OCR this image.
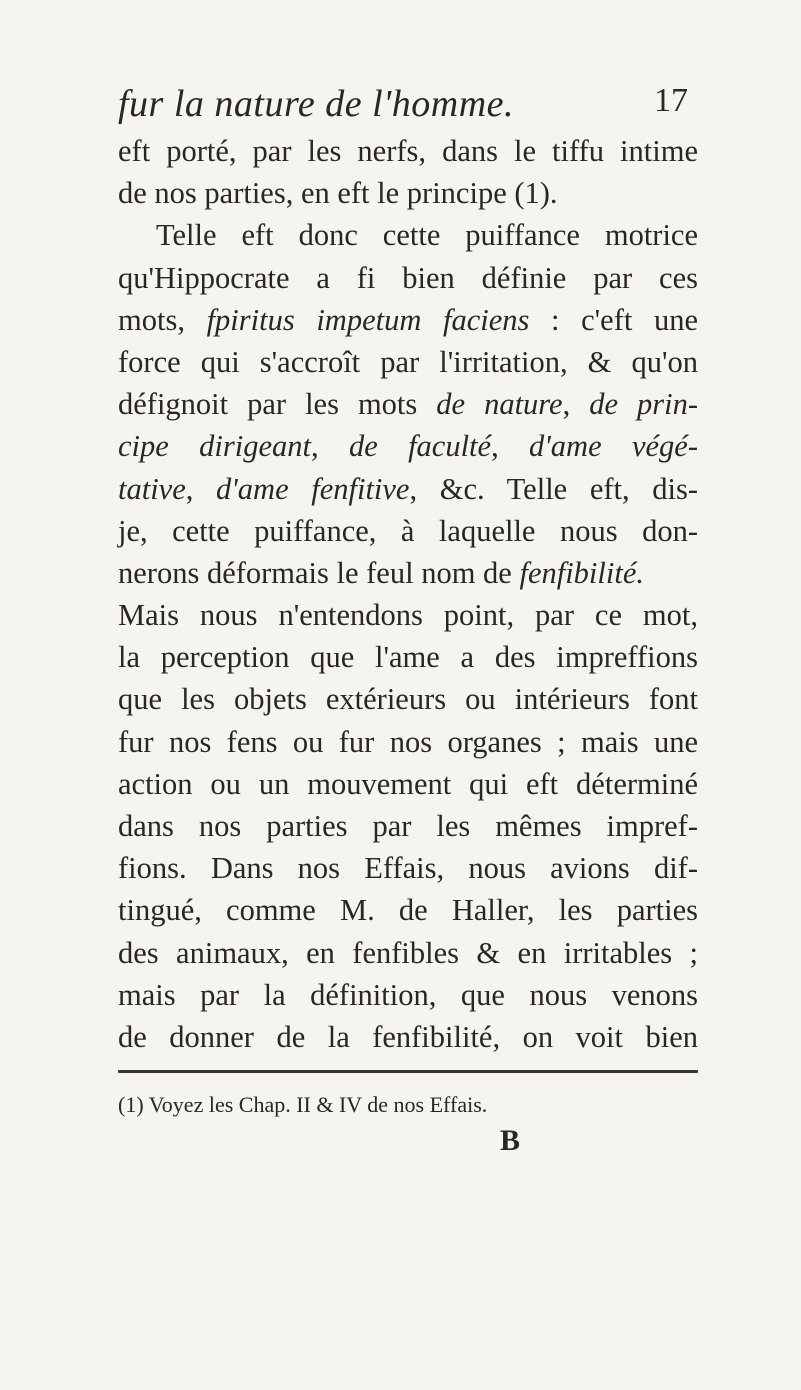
fur la nature de l'homme.	17
eft porté, par les nerfs, dans le tiffu intime
de nos parties, en eft le principe (1).
Telle eft donc cette puiffance motrice
qu'Hippocrate a fi bien définie par ces
mots, fpiritus impetum faciens : c'eft une
force qui s'accroît par l'irritation, & qu'on
défignoit par les mots de nature, de prin-
cipe dirigeant, de faculté, d'ame végé-
tative, d'ame fenfitive, &c. Telle eft, dis-
je, cette puiffance, à laquelle nous don-
nerons déformais le feul nom de fenfibilité.
Mais nous n'entendons point, par ce mot,
la perception que l'ame a des impreffions
que les objets extérieurs ou intérieurs font
fur nos fens ou fur nos organes ; mais une
action ou un mouvement qui eft déterminé
dans nos parties par les mêmes impref-
fions. Dans nos Effais, nous avions dif-
tingué, comme M. de Haller, les parties
des animaux, en fenfibles & en irritables ;
mais par la définition, que nous venons
de donner de la fenfibilité, on voit bien
(1) Voyez les Chap. II & IV de nos Effais.
B
